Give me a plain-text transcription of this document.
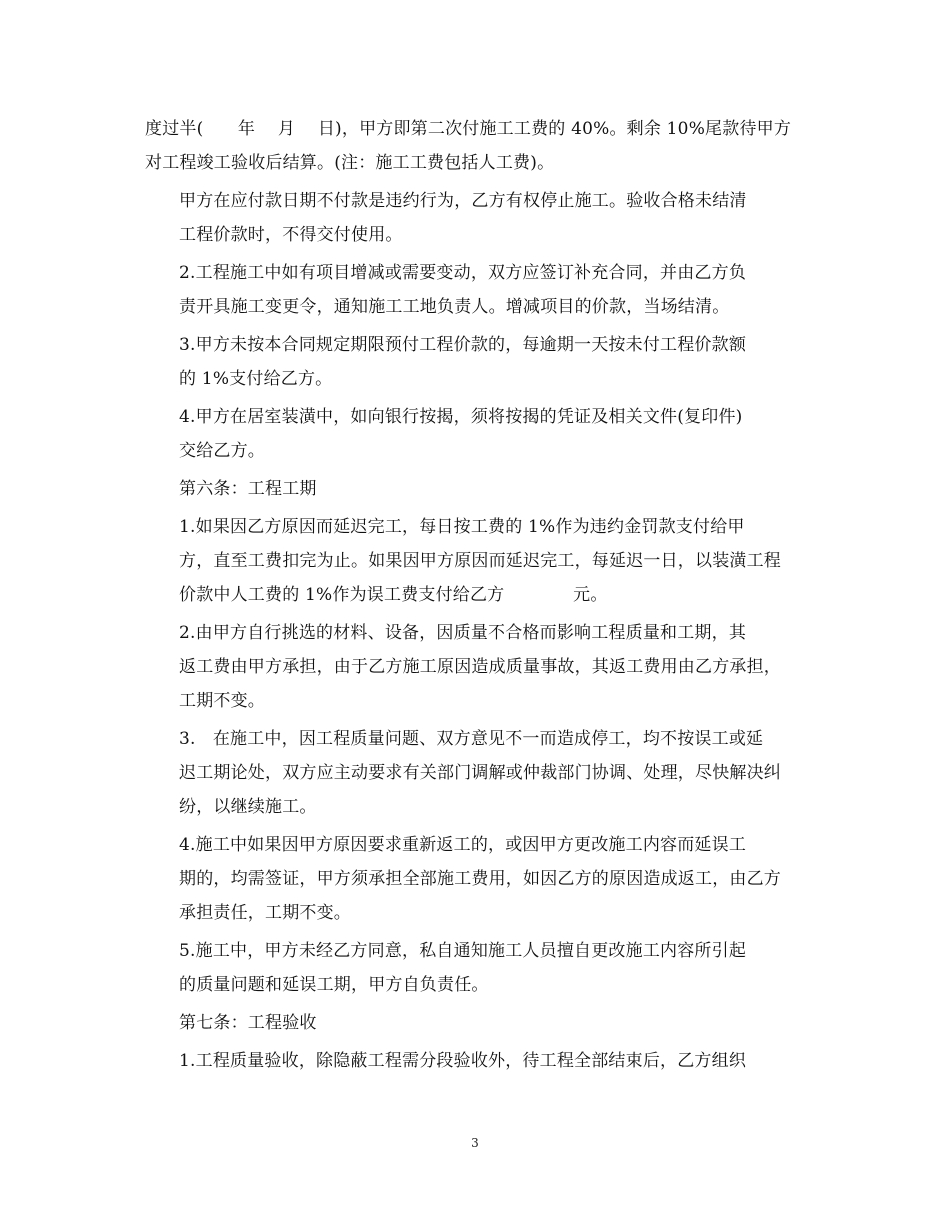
度过半(　　年　 月　 日)，甲方即第二次付施工工费的 40%。剩余 10%尾款待甲方
对工程竣工验收后结算。(注：施工工费包括人工费)。

甲方在应付款日期不付款是违约行为，乙方有权停止施工。验收合格未结清
工程价款时，不得交付使用。

2.工程施工中如有项目增减或需要变动，双方应签订补充合同，并由乙方负
责开具施工变更令，通知施工工地负责人。增减项目的价款，当场结清。

3.甲方未按本合同规定期限预付工程价款的，每逾期一天按未付工程价款额
的 1%支付给乙方。

4.甲方在居室装潢中，如向银行按揭，须将按揭的凭证及相关文件(复印件)
交给乙方。

第六条：工程工期

1.如果因乙方原因而延迟完工，每日按工费的 1%作为违约金罚款支付给甲
方，直至工费扣完为止。如果因甲方原因而延迟完工，每延迟一日，以装潢工程
价款中人工费的 1%作为误工费支付给乙方　　　　元。

2.由甲方自行挑选的材料、设备，因质量不合格而影响工程质量和工期，其
返工费由甲方承担，由于乙方施工原因造成质量事故，其返工费用由乙方承担，
工期不变。

3.　在施工中，因工程质量问题、双方意见不一而造成停工，均不按误工或延
迟工期论处，双方应主动要求有关部门调解或仲裁部门协调、处理，尽快解决纠
纷，以继续施工。

4.施工中如果因甲方原因要求重新返工的，或因甲方更改施工内容而延误工
期的，均需签证，甲方须承担全部施工费用，如因乙方的原因造成返工，由乙方
承担责任，工期不变。

5.施工中，甲方未经乙方同意，私自通知施工人员擅自更改施工内容所引起
的质量问题和延误工期，甲方自负责任。

第七条：工程验收

1.工程质量验收，除隐蔽工程需分段验收外，待工程全部结束后，乙方组织

3
